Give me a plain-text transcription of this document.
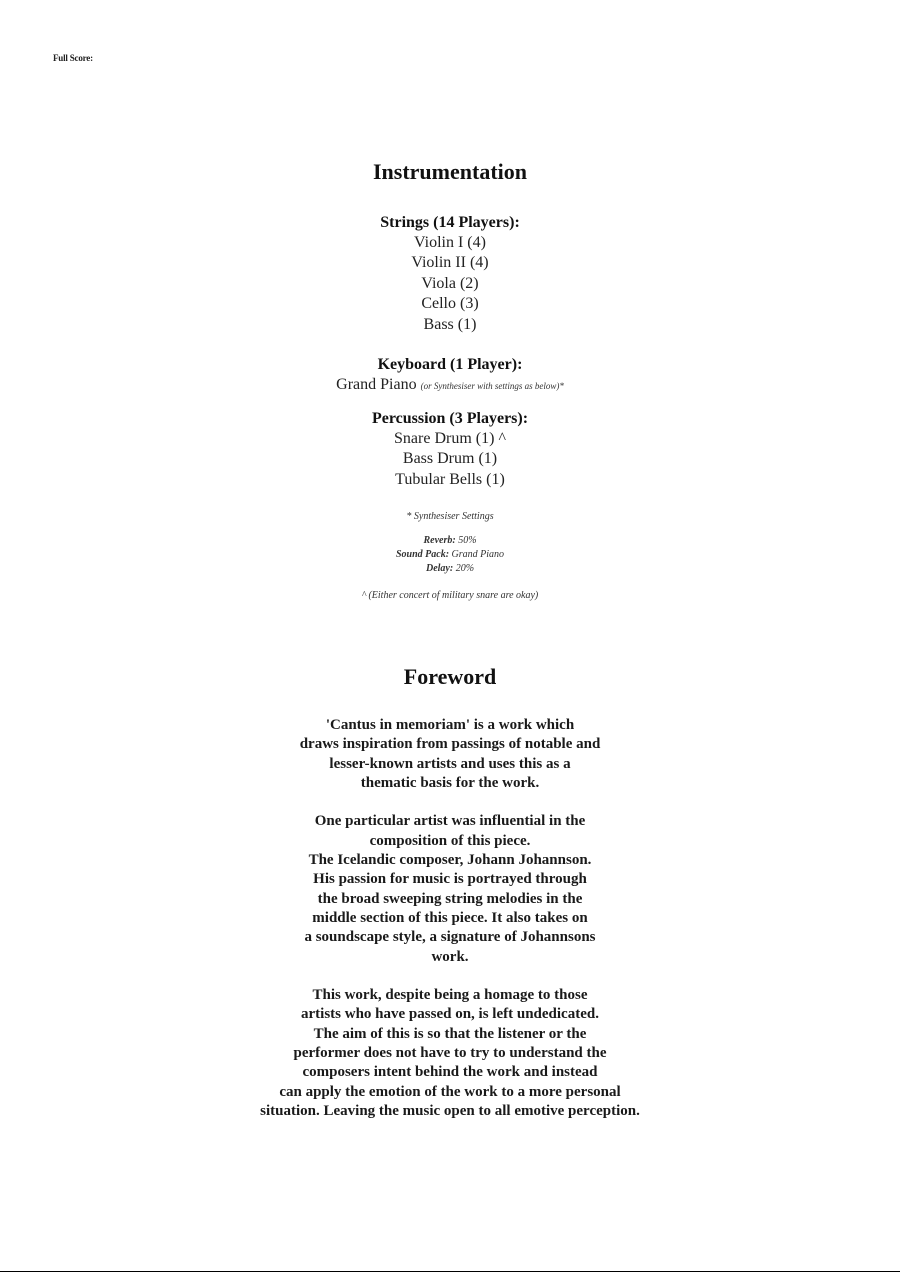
Full Score:
Instrumentation

Strings (14 Players):

Violin I (4)

Violin II (4)

Viola (2)

Cello (3)

Bass (1)

Keyboard (1 Player):

Grand Piano (or Synthesiser with settings as below)*

Percussion (3 Players):

Snare Drum (1) ^

Bass Drum (1)

Tubular Bells (1)

* Synthesiser Settings
Reverb: 50%
Sound Pack: Grand Piano
Delay: 20%
^ (Either concert of military snare are okay)
Foreword
'Cantus in memoriam' is a work which
draws inspiration from passings of notable and
lesser-known artists and uses this as a
thematic basis for the work.
One particular artist was influential in the
composition of this piece.
The Icelandic composer, Johann Johannson.
His passion for music is portrayed through
the broad sweeping string melodies in the
middle section of this piece. It also takes on
a soundscape style, a signature of Johannsons
work.
This work, despite being a homage to those
artists who have passed on, is left undedicated.
The aim of this is so that the listener or the
performer does not have to try to understand the
composers intent behind the work and instead
can apply the emotion of the work to a more personal
situation. Leaving the music open to all emotive perception.
